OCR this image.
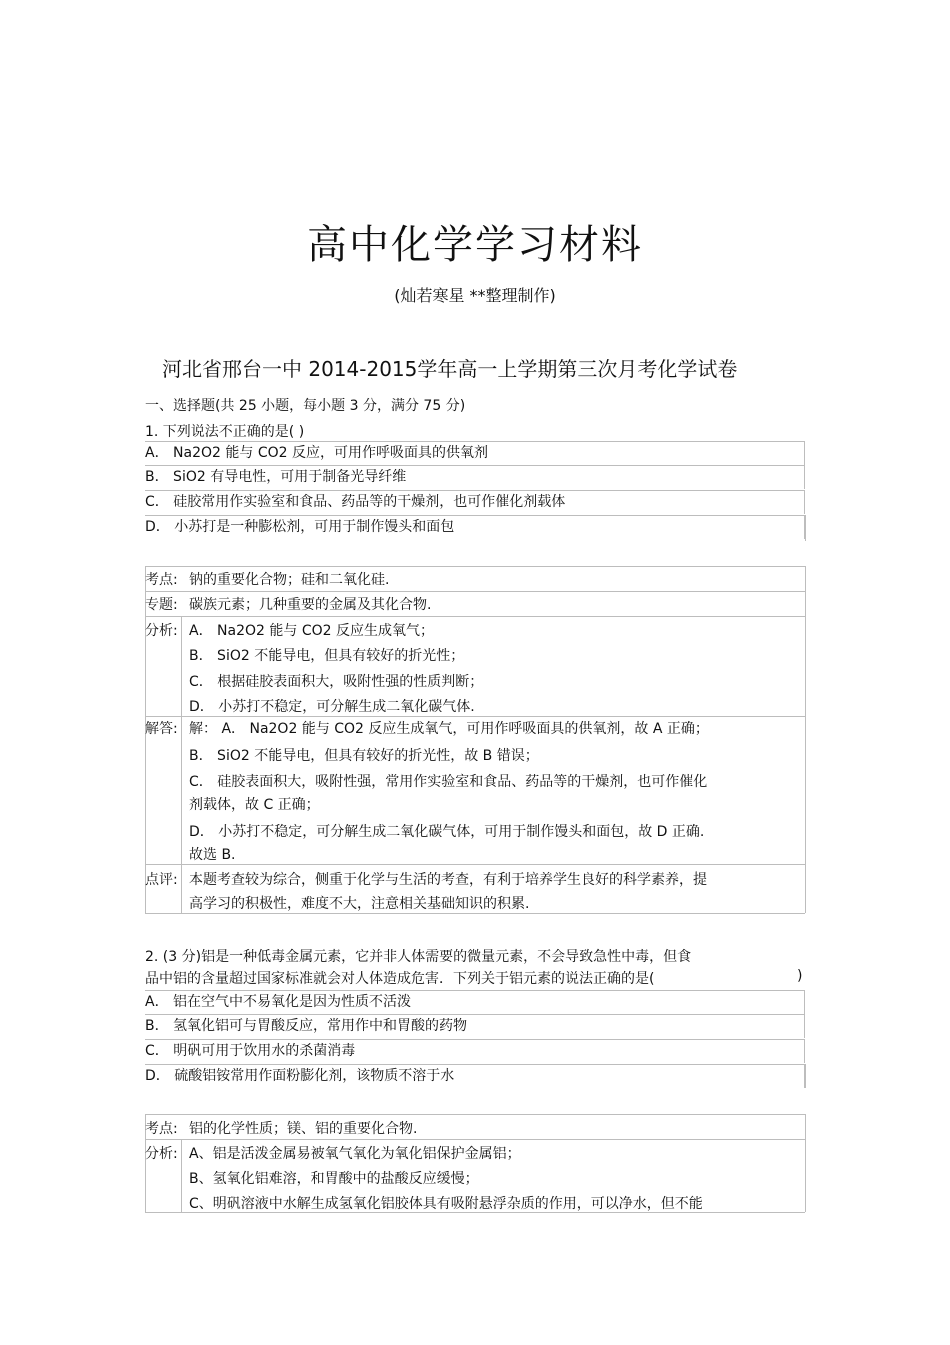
高中化学学习材料
(灿若寒星 **整理制作)
河北省邢台一中 2014-2015学年高一上学期第三次月考化学试卷
一、选择题(共 25 小题，每小题 3 分，满分 75 分)
1. 下列说法不正确的是( )
A． Na2O2 能与 CO2 反应，可用作呼吸面具的供氧剂
B． SiO2 有导电性，可用于制备光导纤维
C． 硅胶常用作实验室和食品、药品等的干燥剂，也可作催化剂载体
D． 小苏打是一种膨松剂，可用于制作馒头和面包
考点: 钠的重要化合物；硅和二氧化硅.
专题: 碳族元素；几种重要的金属及其化合物.
分析: A． Na2O2 能与 CO2 反应生成氧气；
B． SiO2 不能导电，但具有较好的折光性；
C． 根据硅胶表面积大，吸附性强的性质判断；
D． 小苏打不稳定，可分解生成二氧化碳气体.
解答: 解： A． Na2O2 能与 CO2 反应生成氧气，可用作呼吸面具的供氧剂，故 A 正确；
B． SiO2 不能导电，但具有较好的折光性，故 B 错误；
C． 硅胶表面积大，吸附性强，常用作实验室和食品、药品等的干燥剂，也可作催化
剂载体，故 C 正确；
D． 小苏打不稳定，可分解生成二氧化碳气体，可用于制作馒头和面包，故 D 正确.
故选 B.
点评: 本题考查较为综合，侧重于化学与生活的考查，有利于培养学生良好的科学素养，提
高学习的积极性，难度不大，注意相关基础知识的积累.
2. (3 分)铝是一种低毒金属元素，它并非人体需要的微量元素，不会导致急性中毒，但食
品中铝的含量超过国家标准就会对人体造成危害．下列关于铝元素的说法正确的是(	)
A． 铝在空气中不易氧化是因为性质不活泼
B． 氢氧化铝可与胃酸反应，常用作中和胃酸的药物
C． 明矾可用于饮用水的杀菌消毒
D． 硫酸铝铵常用作面粉膨化剂，该物质不溶于水
考点: 铝的化学性质；镁、铝的重要化合物.
分析: A、铝是活泼金属易被氧气氧化为氧化铝保护金属铝；
B、氢氧化铝难溶，和胃酸中的盐酸反应缓慢；
C、明矾溶液中水解生成氢氧化铝胶体具有吸附悬浮杂质的作用，可以净水，但不能
